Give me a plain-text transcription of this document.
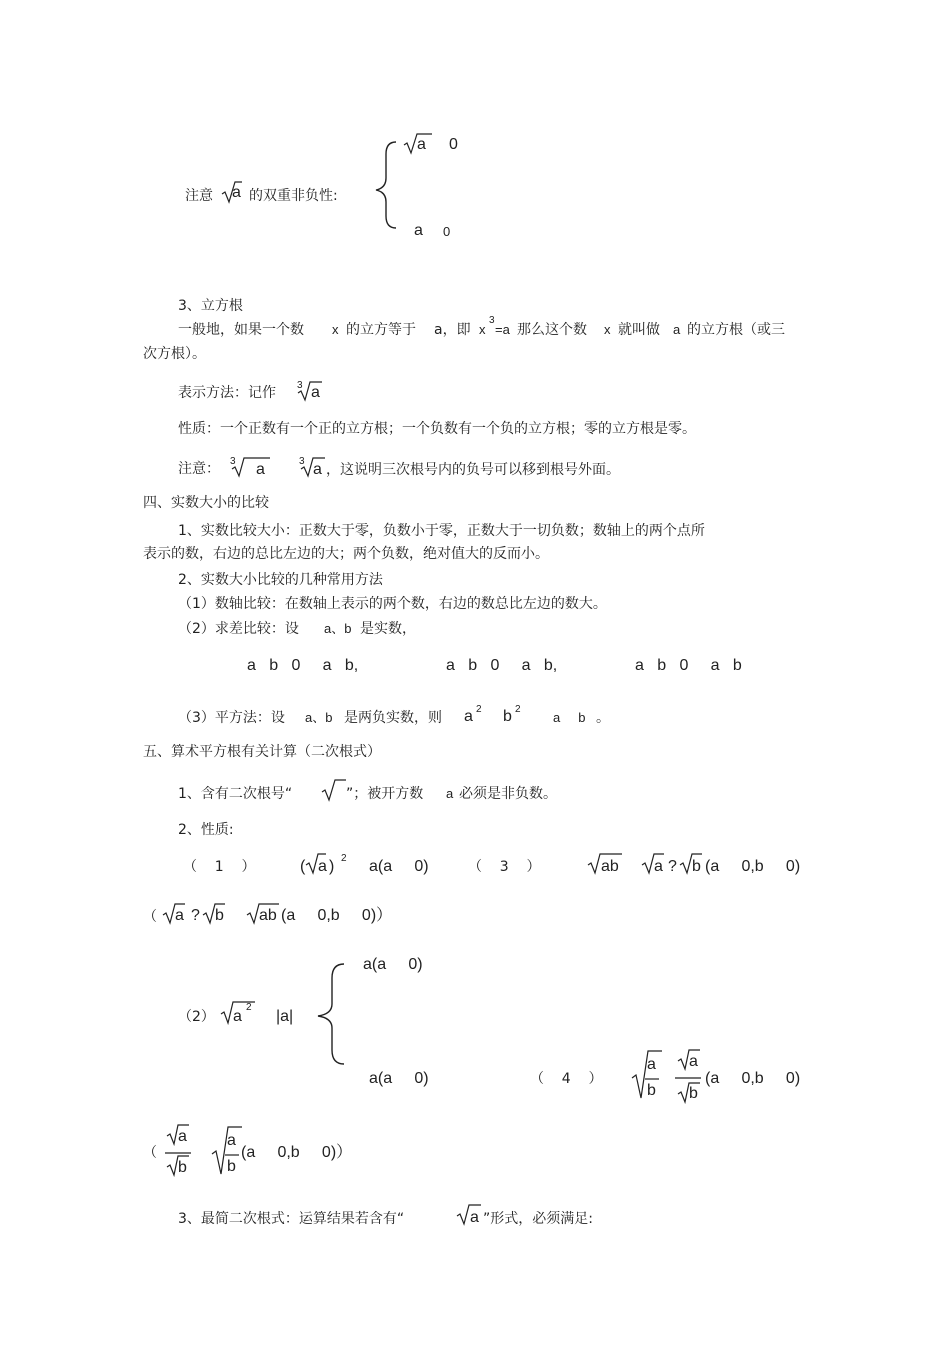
注意 a 的双重非负性:
a 0
a 0
3、立方根
一般地，如果一个数 x 的立方等于 a，即 x
3
=a 那么这个数 x 就叫做 a 的立方根（或三
次方根）。
表示方法：记作 3 a
性质：一个正数有一个正的立方根；一个负数有一个负的立方根；零的立方根是零。
注意： 3 a	3 a ，这说明三次根号内的负号可以移到根号外面。
四、实数大小的比较
1、实数比较大小：正数大于零，负数小于零，正数大于一切负数；数轴上的两个点所
表示的数，右边的总比左边的大；两个负数，绝对值大的反而小。
2、实数大小比较的几种常用方法
（1）数轴比较：在数轴上表示的两个数，右边的数总比左边的数大。
（2）求差比较：设 a、b 是实数，
a   b   0     a   b,	a   b   0     a   b,	a   b   0     a   b
（3）平方法：设 a、b 是两负实数，则 a 2 b 2
a     b 。
五、算术平方根有关计算（二次根式）
1、含有二次根号“	”；被开方数 a 必须是非负数。
2、性质:
（    1    ）	( a ) 2 a(a     0)	（    3    ）	ab a ? b (a     0,b     0)
（ a ? b ab (a     0,b     0)）
（2） a
2
|a|
a(a     0)
a(a     0)	（    4    ）
a
b
a
b
(a     0,b     0)
（
a
b
a
b
(a     0,b     0)）
3、最简二次根式：运算结果若含有“	a ”形式，必须满足:
